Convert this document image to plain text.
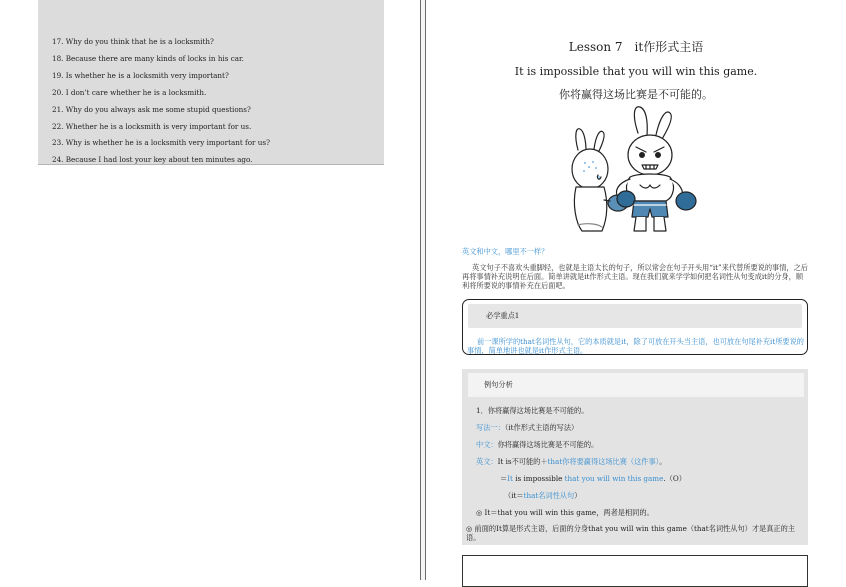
17. Why do you think that he is a locksmith?
18. Because there are many kinds of locks in his car.
19. Is whether he is a locksmith very important?
20. I don’t care whether he is a locksmith.
21. Why do you always ask me some stupid questions?
22. Whether he is a locksmith is very important for us.
23. Why is whether he is a locksmith very important for us?
24. Because I had lost your key about ten minutes ago.
Lesson 7　it作形式主语
It is impossible that you will win this game.
你将赢得这场比赛是不可能的。
英文和中文，哪里不一样？
英文句子不喜欢头重脚轻，也就是主语太长的句子，所以常会在句子开头用“it”来代替所要说的事情，之后再将事情补充说明在后面。简单讲就是it作形式主语。现在我们就来学学如何把名词性从句变成it的分身，顺利将所要说的事情补充在后面吧。
必学重点1
前一课所学的that名词性从句，它的本质就是it，除了可放在开头当主语，也可放在句尾补充it所要说的事情，简单地讲也就是it作形式主语。
例句分析
1．你将赢得这场比赛是不可能的。
写法一：（it作形式主语的写法）
中文：你将赢得这场比赛是不可能的。
英文：It is不可能的＋that你将要赢得这场比赛（这件事）。
＝It is impossible that you will win this game.（O）
（it＝that名词性从句）
◎ It＝that you will win this game，两者是相同的。
◎ 前面的It算是形式主语，后面的分身that you will win this game（that名词性从句）才是真正的主语。
